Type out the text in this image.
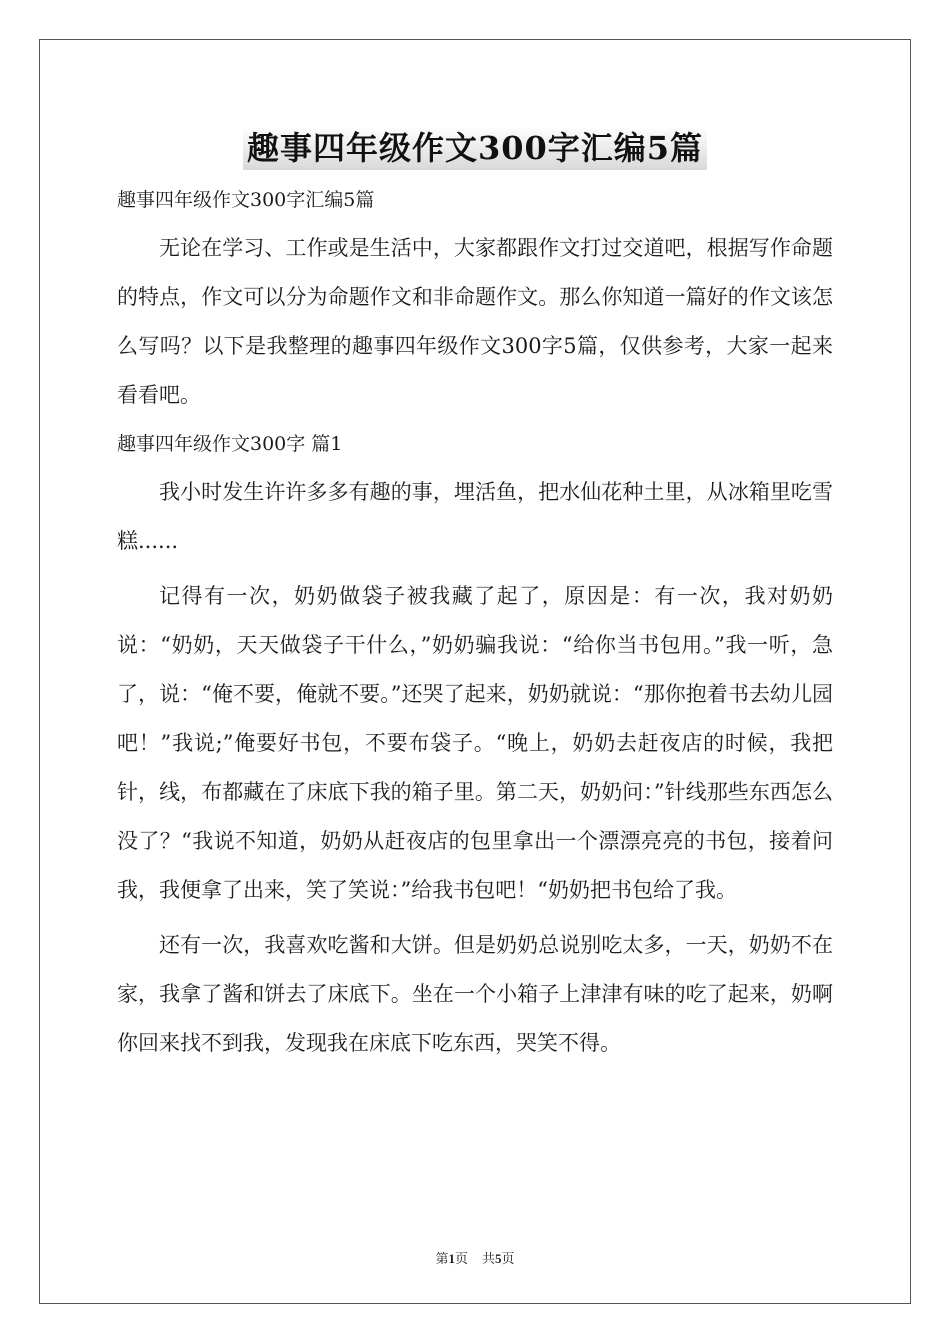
趣事四年级作文300字汇编5篇
趣事四年级作文300字汇编5篇

无论在学习、工作或是生活中，大家都跟作文打过交道吧，根据写作命题的特点，作文可以分为命题作文和非命题作文。那么你知道一篇好的作文该怎么写吗？以下是我整理的趣事四年级作文300字5篇，仅供参考，大家一起来看看吧。

趣事四年级作文300字 篇1

我小时发生许许多多有趣的事，埋活鱼，把水仙花种土里，从冰箱里吃雪糕......

记得有一次，奶奶做袋子被我藏了起了，原因是：有一次，我对奶奶说：“奶奶，天天做袋子干什么，”奶奶骗我说：“给你当书包用。”我一听，急了，说：“俺不要，俺就不要。”还哭了起来，奶奶就说：“那你抱着书去幼儿园吧！”我说;”俺要好书包，不要布袋子。“晚上，奶奶去赶夜店的时候，我把针，线，布都藏在了床底下我的箱子里。第二天，奶奶问：”针线那些东西怎么没了？“我说不知道，奶奶从赶夜店的包里拿出一个漂漂亮亮的书包，接着问我，我便拿了出来，笑了笑说：”给我书包吧！“奶奶把书包给了我。

还有一次，我喜欢吃酱和大饼。但是奶奶总说别吃太多，一天，奶奶不在家，我拿了酱和饼去了床底下。坐在一个小箱子上津津有味的吃了起来，奶啊你回来找不到我，发现我在床底下吃东西，哭笑不得。

第1页 共5页
